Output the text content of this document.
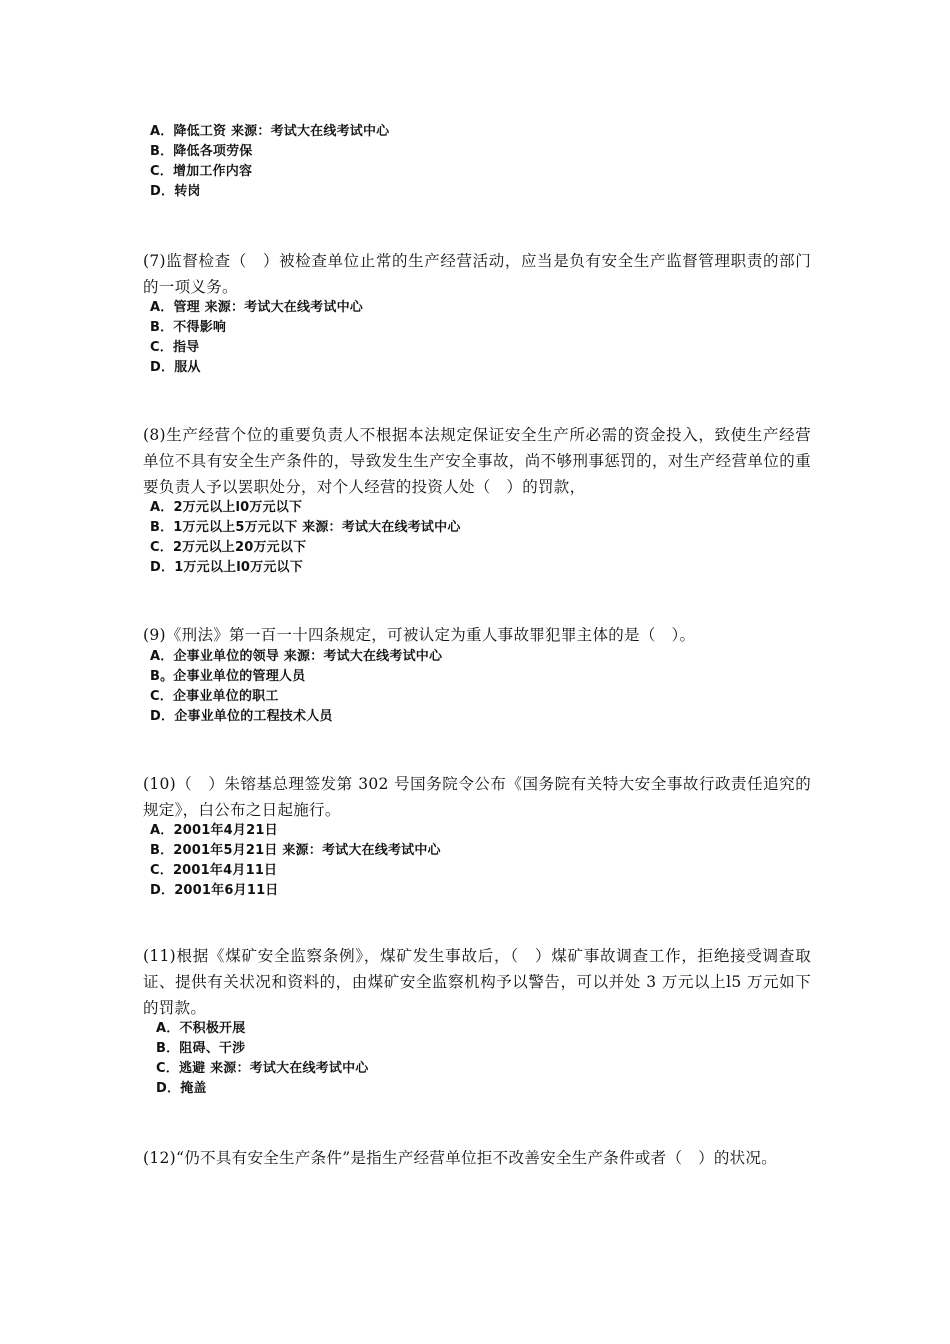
A．降低工资 来源：考试大在线考试中心
B．降低各项劳保
C．增加工作内容
D．转岗
(7)监督检查（　）被检查单位止常的生产经营活动，应当是负有安全生产监督管理职责的部门的一项义务。
A．管理 来源：考试大在线考试中心
B．不得影响
C．指导
D．服从
(8)生产经营个位的重要负责人不根据本法规定保证安全生产所必需的资金投入，致使生产经营单位不具有安全生产条件的，导致发生生产安全事故，尚不够刑事惩罚的，对生产经营单位的重要负责人予以罢职处分，对个人经营的投资人处（　）的罚款，
A．2万元以上l0万元以下
B．1万元以上5万元以下 来源：考试大在线考试中心
C．2万元以上20万元以下
D．1万元以上l0万元以下
(9)《刑法》第一百一十四条规定，可被认定为重人事故罪犯罪主体的是（　）。
A．企事业单位的领导 来源：考试大在线考试中心
B。企事业单位的管理人员
C．企事业单位的职工
D．企事业单位的工程技术人员
(10)（　）朱镕基总理签发第 302 号国务院令公布《国务院有关特大安全事故行政责任追究的规定》，白公布之日起施行。
A．2001年4月21日
B．2001年5月21日 来源：考试大在线考试中心
C．2001年4月11日
D．2001年6月11日
(11)根据《煤矿安全监察条例》，煤矿发生事故后，（　）煤矿事故调查工作，拒绝接受调查取证、提供有关状况和资料的，由煤矿安全监察机构予以警告，可以并处 3 万元以上l5 万元如下的罚款。
A．不积极开展
B．阻碍、干涉
C．逃避 来源：考试大在线考试中心
D．掩盖
(12)“仍不具有安全生产条件”是指生产经营单位拒不改善安全生产条件或者（　）的状况。
